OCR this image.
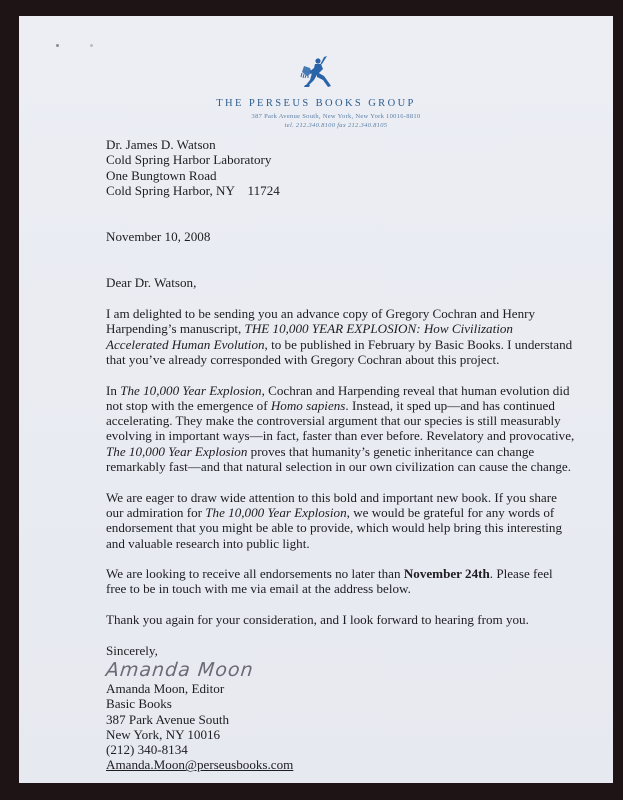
THE PERSEUS BOOKS GROUP
387 Park Avenue South, New York, New York 10016-8810
tel. 212.340.8100 fax 212.340.8105

Dr. James D. Watson

Cold Spring Harbor Laboratory

One Bungtown Road

Cold Spring Harbor, NY    11724

November 10, 2008

Dear Dr. Watson,

I am delighted to be sending you an advance copy of Gregory Cochran and Henry Harpending’s manuscript, THE 10,000 YEAR EXPLOSION: How Civilization Accelerated Human Evolution, to be published in February by Basic Books. I understand that you’ve already corresponded with Gregory Cochran about this project.

In The 10,000 Year Explosion, Cochran and Harpending reveal that human evolution did not stop with the emergence of Homo sapiens. Instead, it sped up—and has continued accelerating. They make the controversial argument that our species is still measurably evolving in important ways—in fact, faster than ever before. Revelatory and provocative, The 10,000 Year Explosion proves that humanity’s genetic inheritance can change remarkably fast—and that natural selection in our own civilization can cause the change.

We are eager to draw wide attention to this bold and important new book. If you share our admiration for The 10,000 Year Explosion, we would be grateful for any words of endorsement that you might be able to provide, which would help bring this interesting and valuable research into public light.

We are looking to receive all endorsements no later than November 24th. Please feel free to be in touch with me via email at the address below.

Thank you again for your consideration, and I look forward to hearing from you.

Sincerely,

Amanda Moon

Amanda Moon, Editor

Basic Books

387 Park Avenue South

New York, NY 10016

(212) 340-8134

Amanda.Moon@perseusbooks.com
